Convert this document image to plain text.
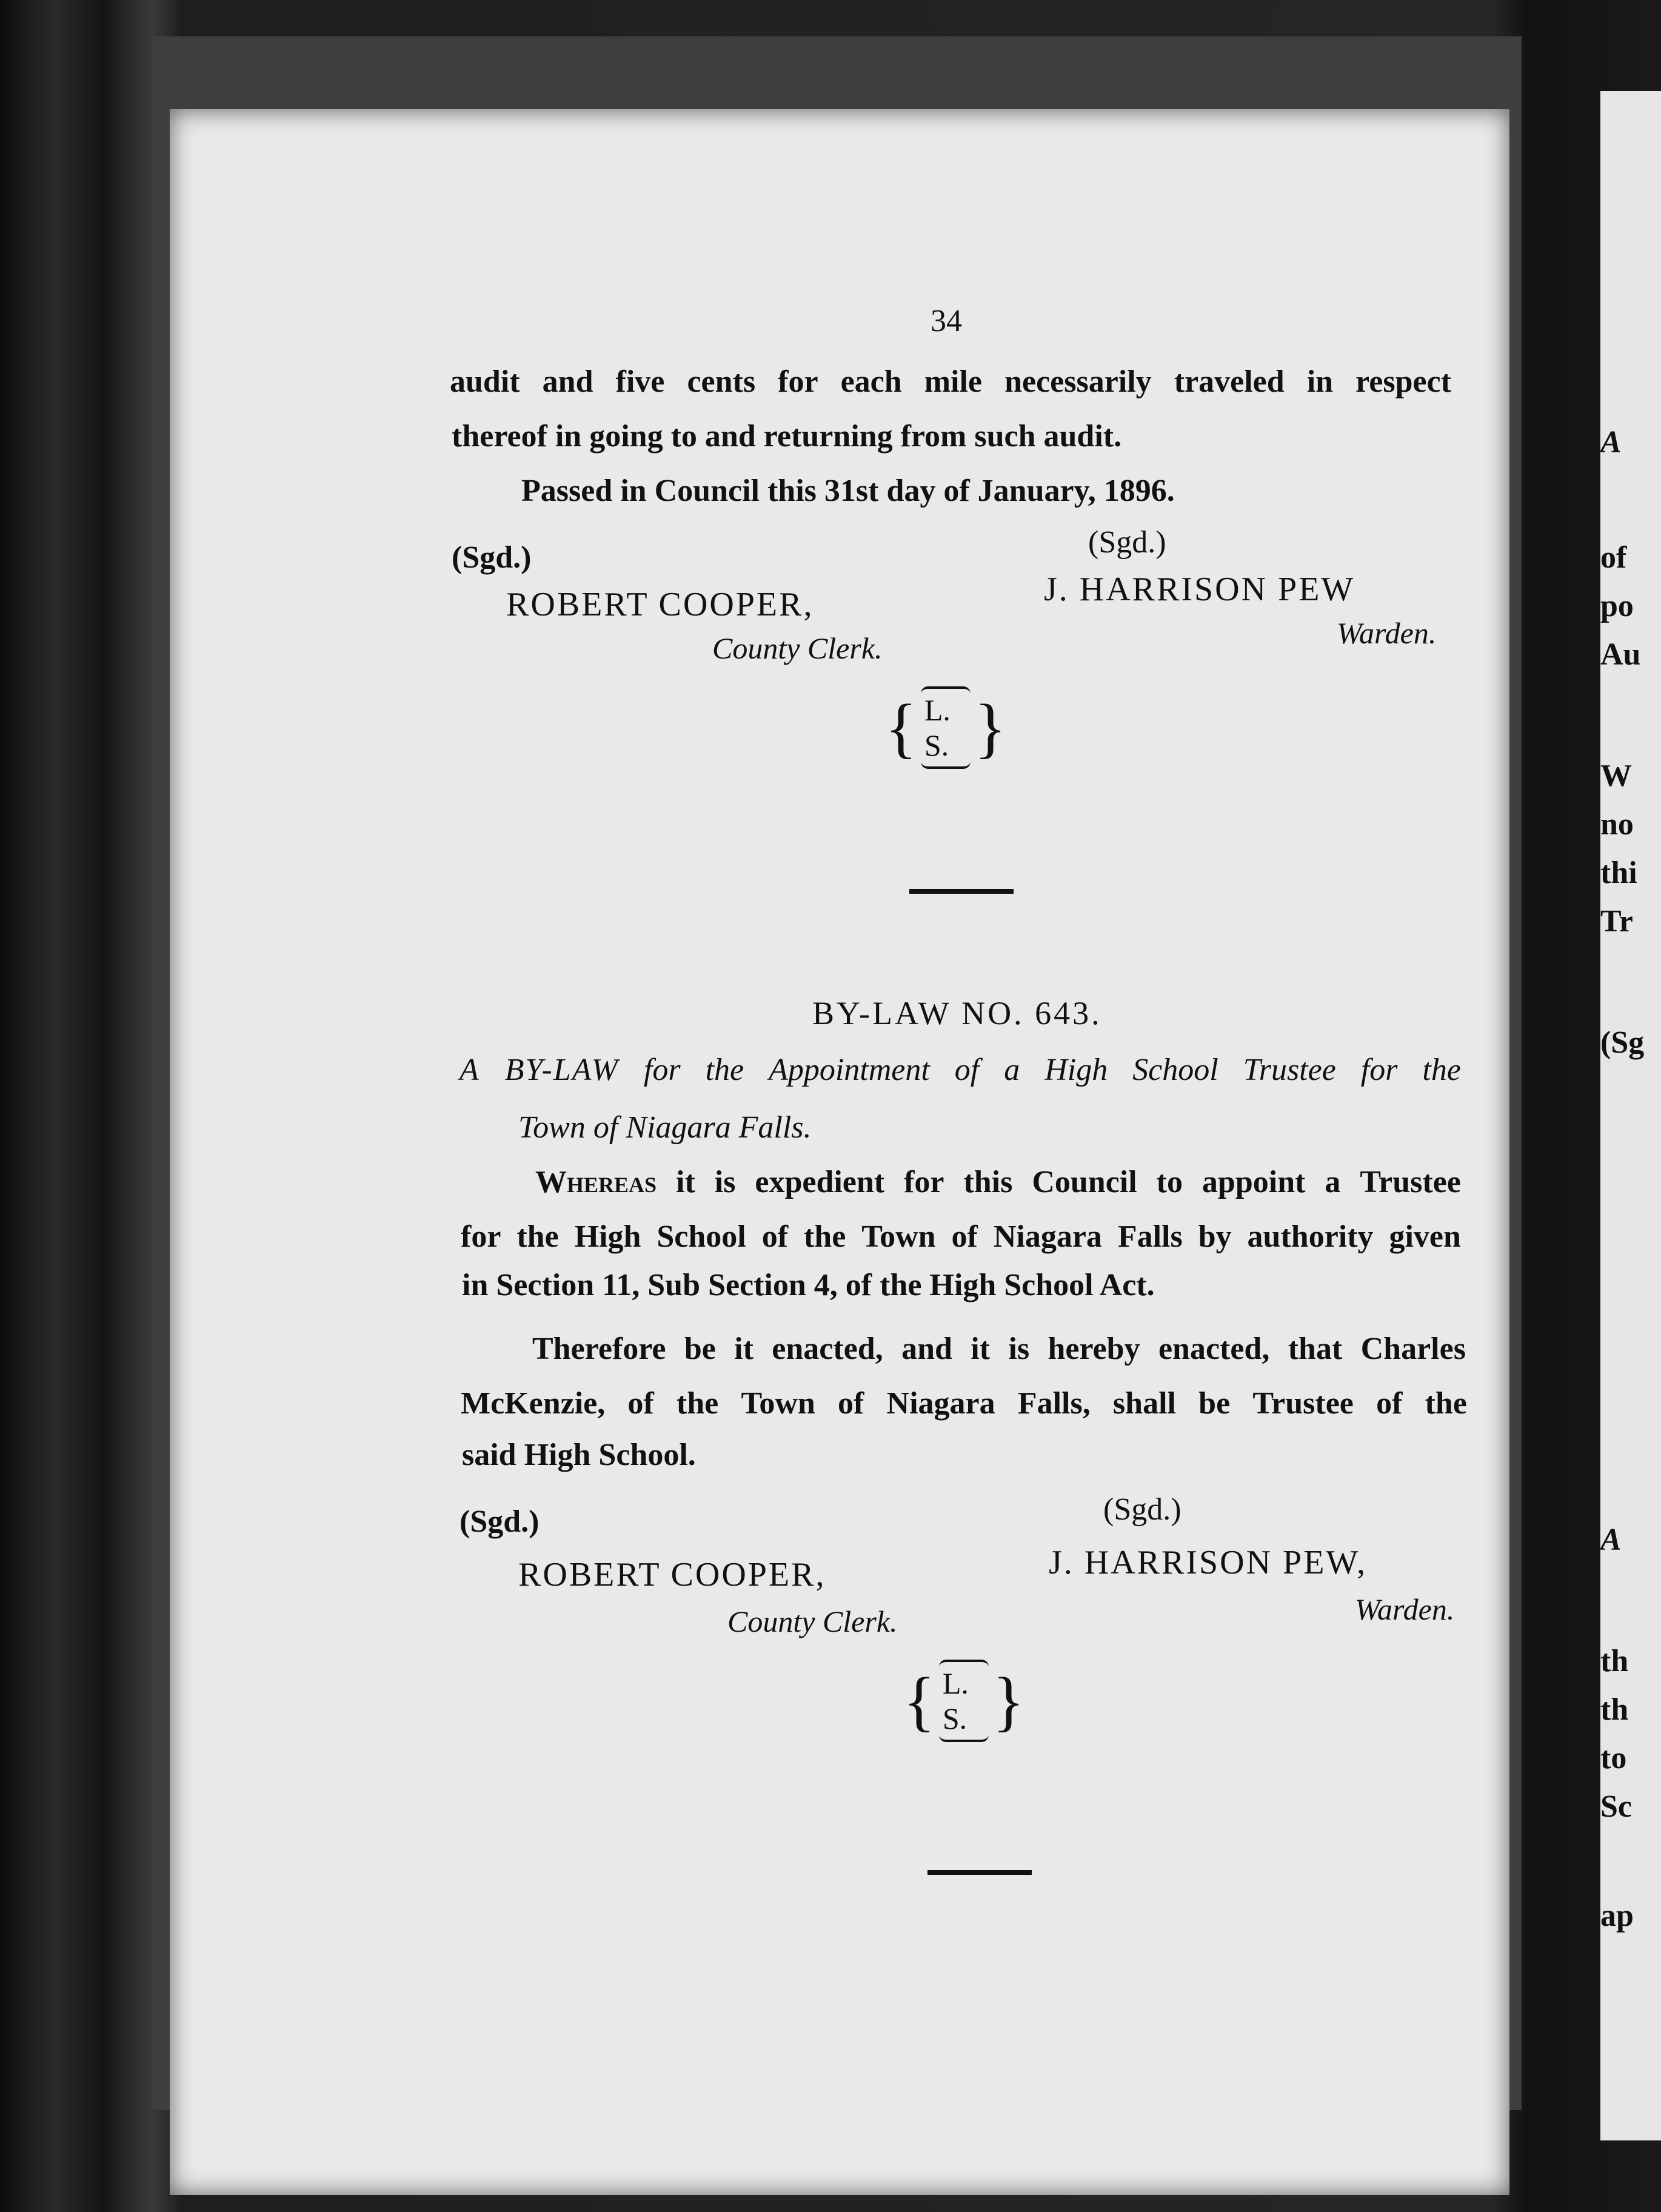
A
of
po
Au
W
no
thi
Tr
(Sg
A
th
th
to
Sc
ap
34
audit and five cents for each mile necessarily traveled in respect
thereof in going to and returning from such audit.
Passed in Council this 31st day of January, 1896.
(Sgd.)
ROBERT COOPER,
County Clerk.
(Sgd.)
J. HARRISON PEW
Warden.
{ L. S. }
BY-LAW NO. 643.
A BY-LAW for the Appointment of a High School Trustee for the
Town of Niagara Falls.
Whereas it is expedient for this Council to appoint a Trustee
for the High School of the Town of Niagara Falls by authority given
in Section 11, Sub Section 4, of the High School Act.
Therefore be it enacted, and it is hereby enacted, that Charles
McKenzie, of the Town of Niagara Falls, shall be Trustee of the
said High School.
(Sgd.)
ROBERT COOPER,
County Clerk.
(Sgd.)
J. HARRISON PEW,
Warden.
{ L. S. }
